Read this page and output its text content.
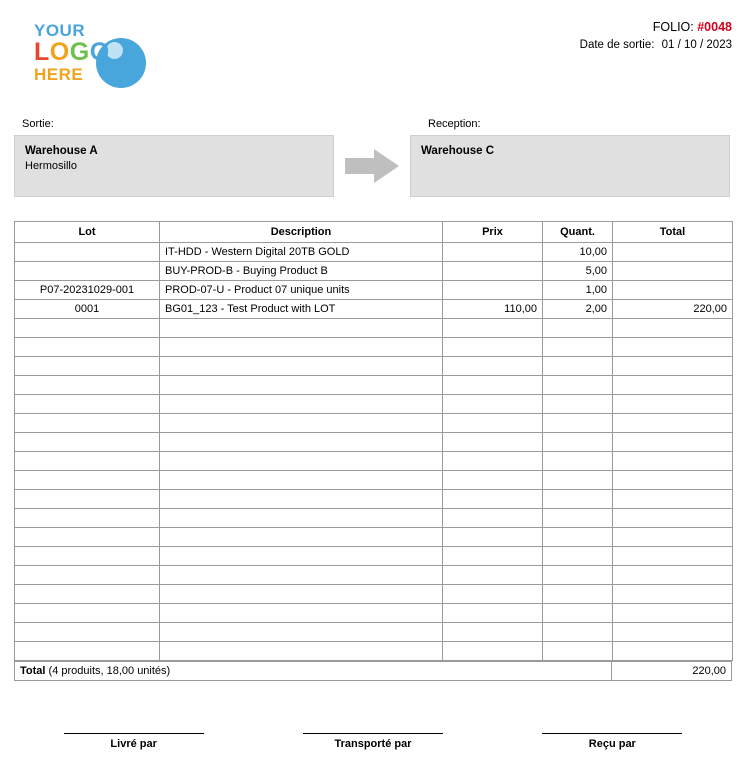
YOUR
LOGO
HERE
FOLIO: #0048
Date de sortie: 01 / 10 / 2023
Sortie:	Reception:
Warehouse A
Hermosillo
Warehouse C
Lot	Description	Prix	Quant.	Total
	IT-HDD - Western Digital 20TB GOLD		10,00	
	BUY-PROD-B - Buying Product B		5,00	
P07-20231029-001	PROD-07-U - Product 07 unique units		1,00	
0001	BG01_123 - Test Product with LOT	110,00	2,00	220,00

Total (4 produits, 18,00 unités)	220,00
Livré par	Transporté par	Reçu par
